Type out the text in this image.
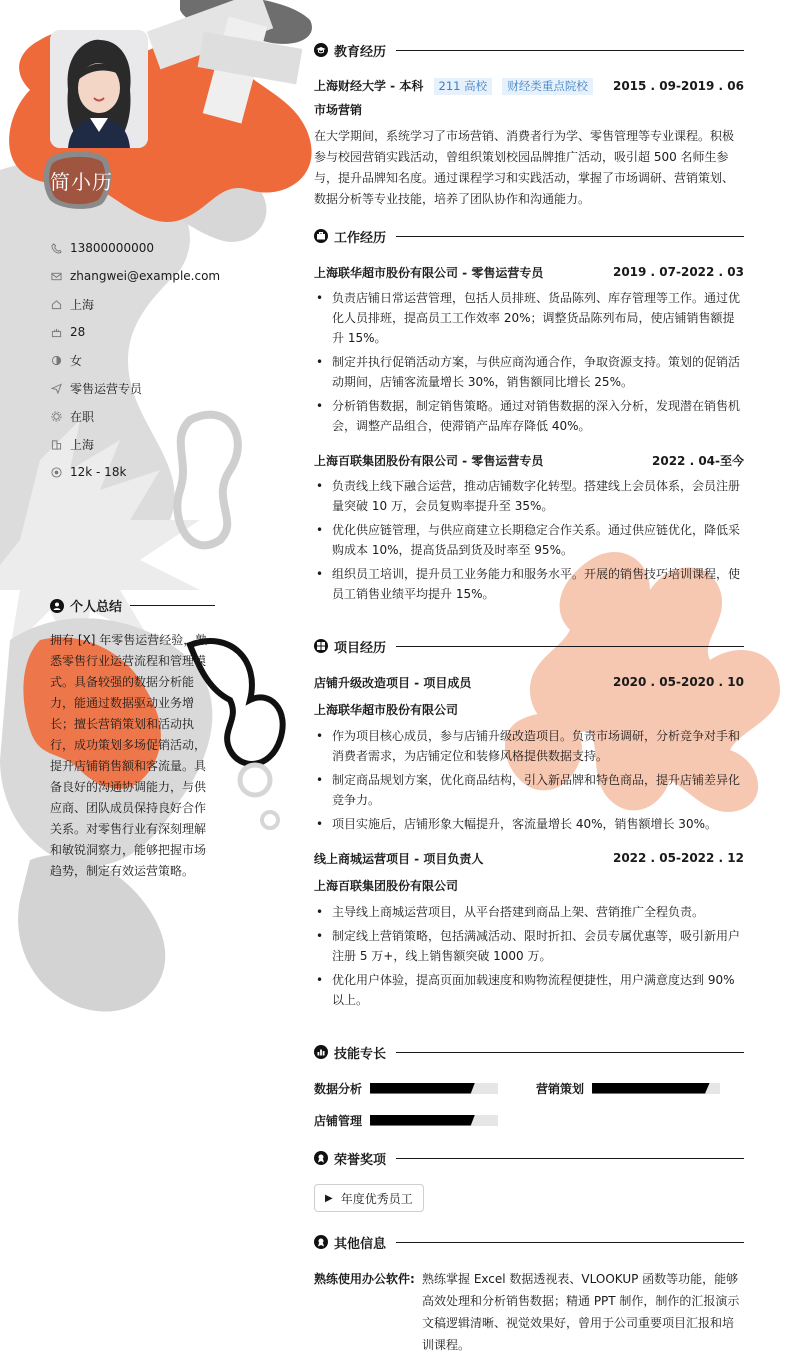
简小历
13800000000
zhangwei@example.com
上海
28
女
零售运营专员
在职
上海
12k - 18k
个人总结
拥有 [X] 年零售运营经验，熟悉零售行业运营流程和管理模式。具备较强的数据分析能力，能通过数据驱动业务增长；擅长营销策划和活动执行，成功策划多场促销活动，提升店铺销售额和客流量。具备良好的沟通协调能力，与供应商、团队成员保持良好合作关系。对零售行业有深刻理解和敏锐洞察力，能够把握市场趋势，制定有效运营策略。
教育经历
上海财经大学 - 本科 211 高校 财经类重点院校	2015 . 09-2019 . 06
市场营销
在大学期间，系统学习了市场营销、消费者行为学、零售管理等专业课程。积极参与校园营销实践活动，曾组织策划校园品牌推广活动，吸引超 500 名师生参与，提升品牌知名度。通过课程学习和实践活动，掌握了市场调研、营销策划、数据分析等专业技能，培养了团队协作和沟通能力。
工作经历
上海联华超市股份有限公司 - 零售运营专员	2019 . 07-2022 . 03
• 负责店铺日常运营管理，包括人员排班、货品陈列、库存管理等工作。通过优化人员排班，提高员工工作效率 20%；调整货品陈列布局，使店铺销售额提升 15%。
• 制定并执行促销活动方案，与供应商沟通合作，争取资源支持。策划的促销活动期间，店铺客流量增长 30%，销售额同比增长 25%。
• 分析销售数据，制定销售策略。通过对销售数据的深入分析，发现潜在销售机会，调整产品组合，使滞销产品库存降低 40%。
上海百联集团股份有限公司 - 零售运营专员	2022 . 04-至今
• 负责线上线下融合运营，推动店铺数字化转型。搭建线上会员体系，会员注册量突破 10 万，会员复购率提升至 35%。
• 优化供应链管理，与供应商建立长期稳定合作关系。通过供应链优化，降低采购成本 10%，提高货品到货及时率至 95%。
• 组织员工培训，提升员工业务能力和服务水平。开展的销售技巧培训课程，使员工销售业绩平均提升 15%。
项目经历
店铺升级改造项目 - 项目成员	2020 . 05-2020 . 10
上海联华超市股份有限公司
• 作为项目核心成员，参与店铺升级改造项目。负责市场调研，分析竞争对手和消费者需求，为店铺定位和装修风格提供数据支持。
• 制定商品规划方案，优化商品结构，引入新品牌和特色商品，提升店铺差异化竞争力。
• 项目实施后，店铺形象大幅提升，客流量增长 40%，销售额增长 30%。
线上商城运营项目 - 项目负责人	2022 . 05-2022 . 12
上海百联集团股份有限公司
• 主导线上商城运营项目，从平台搭建到商品上架、营销推广全程负责。
• 制定线上营销策略，包括满减活动、限时折扣、会员专属优惠等，吸引新用户注册 5 万+，线上销售额突破 1000 万。
• 优化用户体验，提高页面加载速度和购物流程便捷性，用户满意度达到 90% 以上。
技能专长
数据分析	营销策划
店铺管理
荣誉奖项
▶ 年度优秀员工
其他信息
熟练使用办公软件: 熟练掌握 Excel 数据透视表、VLOOKUP 函数等功能，能够高效处理和分析销售数据；精通 PPT 制作，制作的汇报演示文稿逻辑清晰、视觉效果好，曾用于公司重要项目汇报和培训课程。
